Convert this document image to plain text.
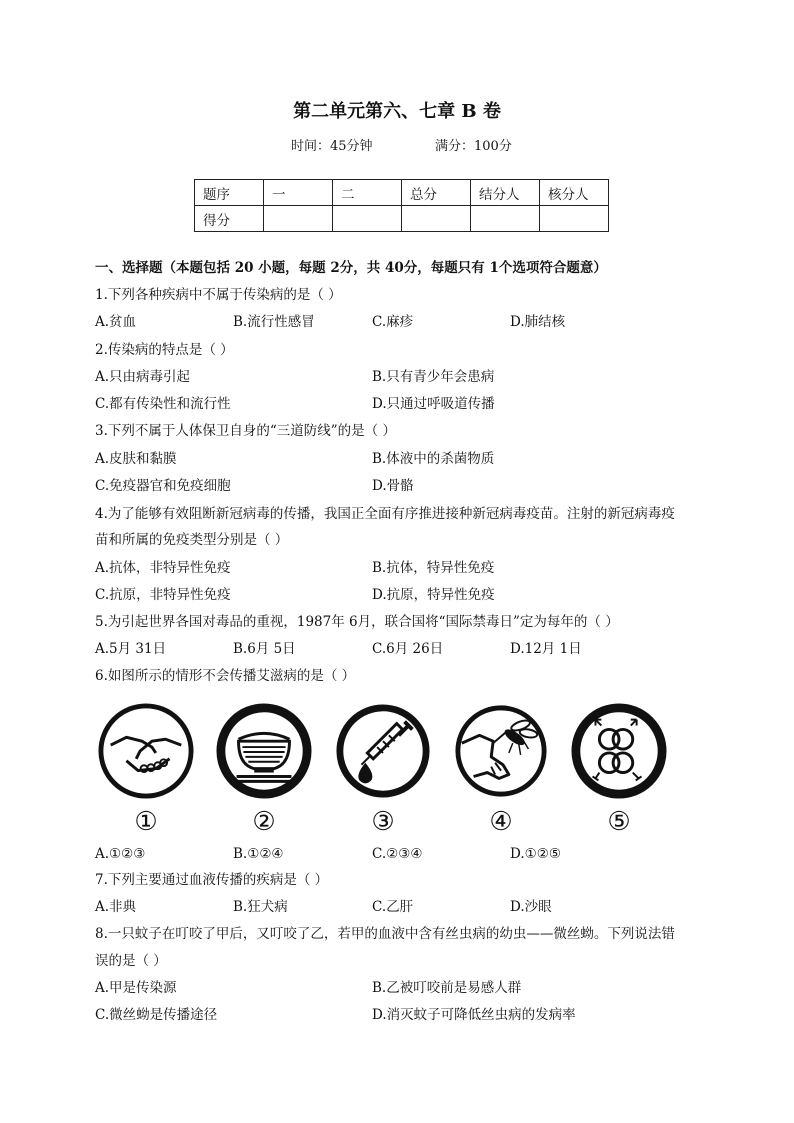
第二单元第六、七章 B 卷
时间：45分钟	满分：100分
题序	一	二	总分	结分人	核分人
得分					
一、选择题（本题包括 20 小题，每题 2分，共 40分，每题只有 1个选项符合题意）
1.下列各种疾病中不属于传染病的是（ ）
A.贫血	B.流行性感冒	C.麻疹	D.肺结核
2.传染病的特点是（ ）
A.只由病毒引起	B.只有青少年会患病
C.都有传染性和流行性	D.只通过呼吸道传播
3.下列不属于人体保卫自身的“三道防线”的是（ ）
A.皮肤和黏膜	B.体液中的杀菌物质
C.免疫器官和免疫细胞	D.骨骼
4.为了能够有效阻断新冠病毒的传播，我国正全面有序推进接种新冠病毒疫苗。注射的新冠病毒疫
苗和所属的免疫类型分别是（ ）
A.抗体，非特异性免疫	B.抗体，特异性免疫
C.抗原，非特异性免疫	D.抗原，特异性免疫
5.为引起世界各国对毒品的重视，1987年 6月，联合国将“国际禁毒日”定为每年的（ ）
A.5月 31日	B.6月 5日	C.6月 26日	D.12月 1日
6.如图所示的情形不会传播艾滋病的是（ ）
①	②	③	④	⑤
A.①②③	B.①②④	C.②③④	D.①②⑤
7.下列主要通过血液传播的疾病是（ ）
A.非典	B.狂犬病	C.乙肝	D.沙眼
8.一只蚊子在叮咬了甲后，又叮咬了乙，若甲的血液中含有丝虫病的幼虫——微丝蚴。下列说法错
误的是（ ）
A.甲是传染源	B.乙被叮咬前是易感人群
C.微丝蚴是传播途径	D.消灭蚊子可降低丝虫病的发病率
